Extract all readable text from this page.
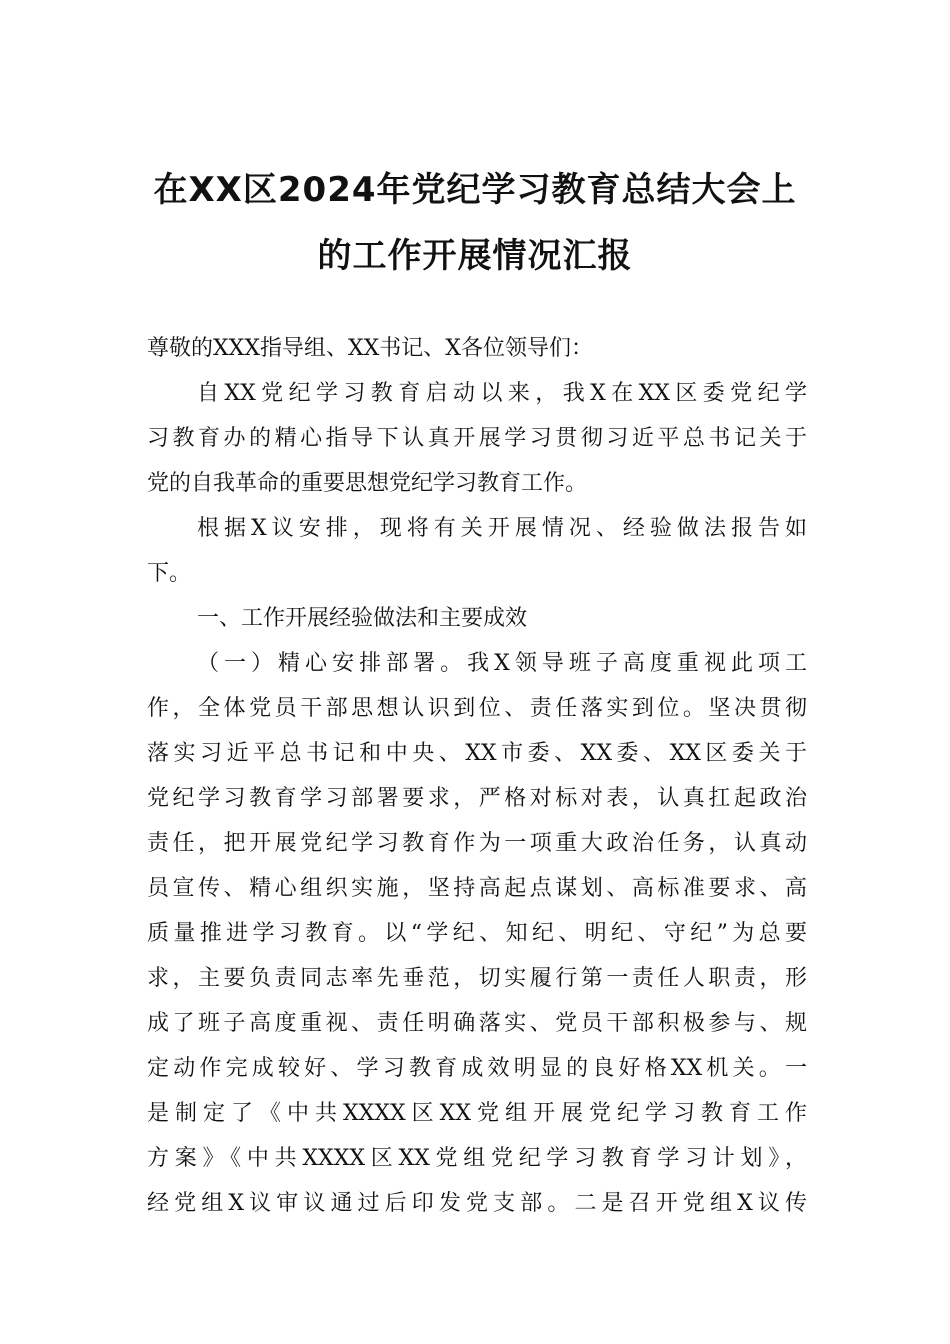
在XX区2024年党纪学习教育总结大会上
的工作开展情况汇报
尊敬的XXX指导组、XX书记、X各位领导们：
自XX党纪学习教育启动以来，我X在XX区委党纪学
习教育办的精心指导下认真开展学习贯彻习近平总书记关于
党的自我革命的重要思想党纪学习教育工作。
根据X议安排，现将有关开展情况、经验做法报告如
下。
一、工作开展经验做法和主要成效
（一）精心安排部署。我X领导班子高度重视此项工
作，全体党员干部思想认识到位、责任落实到位。坚决贯彻
落实习近平总书记和中央、XX市委、XX委、XX区委关于
党纪学习教育学习部署要求，严格对标对表，认真扛起政治
责任，把开展党纪学习教育作为一项重大政治任务，认真动
员宣传、精心组织实施，坚持高起点谋划、高标准要求、高
质量推进学习教育。以“学纪、知纪、明纪、守纪”为总要
求，主要负责同志率先垂范，切实履行第一责任人职责，形
成了班子高度重视、责任明确落实、党员干部积极参与、规
定动作完成较好、学习教育成效明显的良好格XX机关。一
是制定了《中共XXXX区XX党组开展党纪学习教育工作
方案》《中共XXXX区XX党组党纪学习教育学习计划》，
经党组X议审议通过后印发党支部。二是召开党组X议传
